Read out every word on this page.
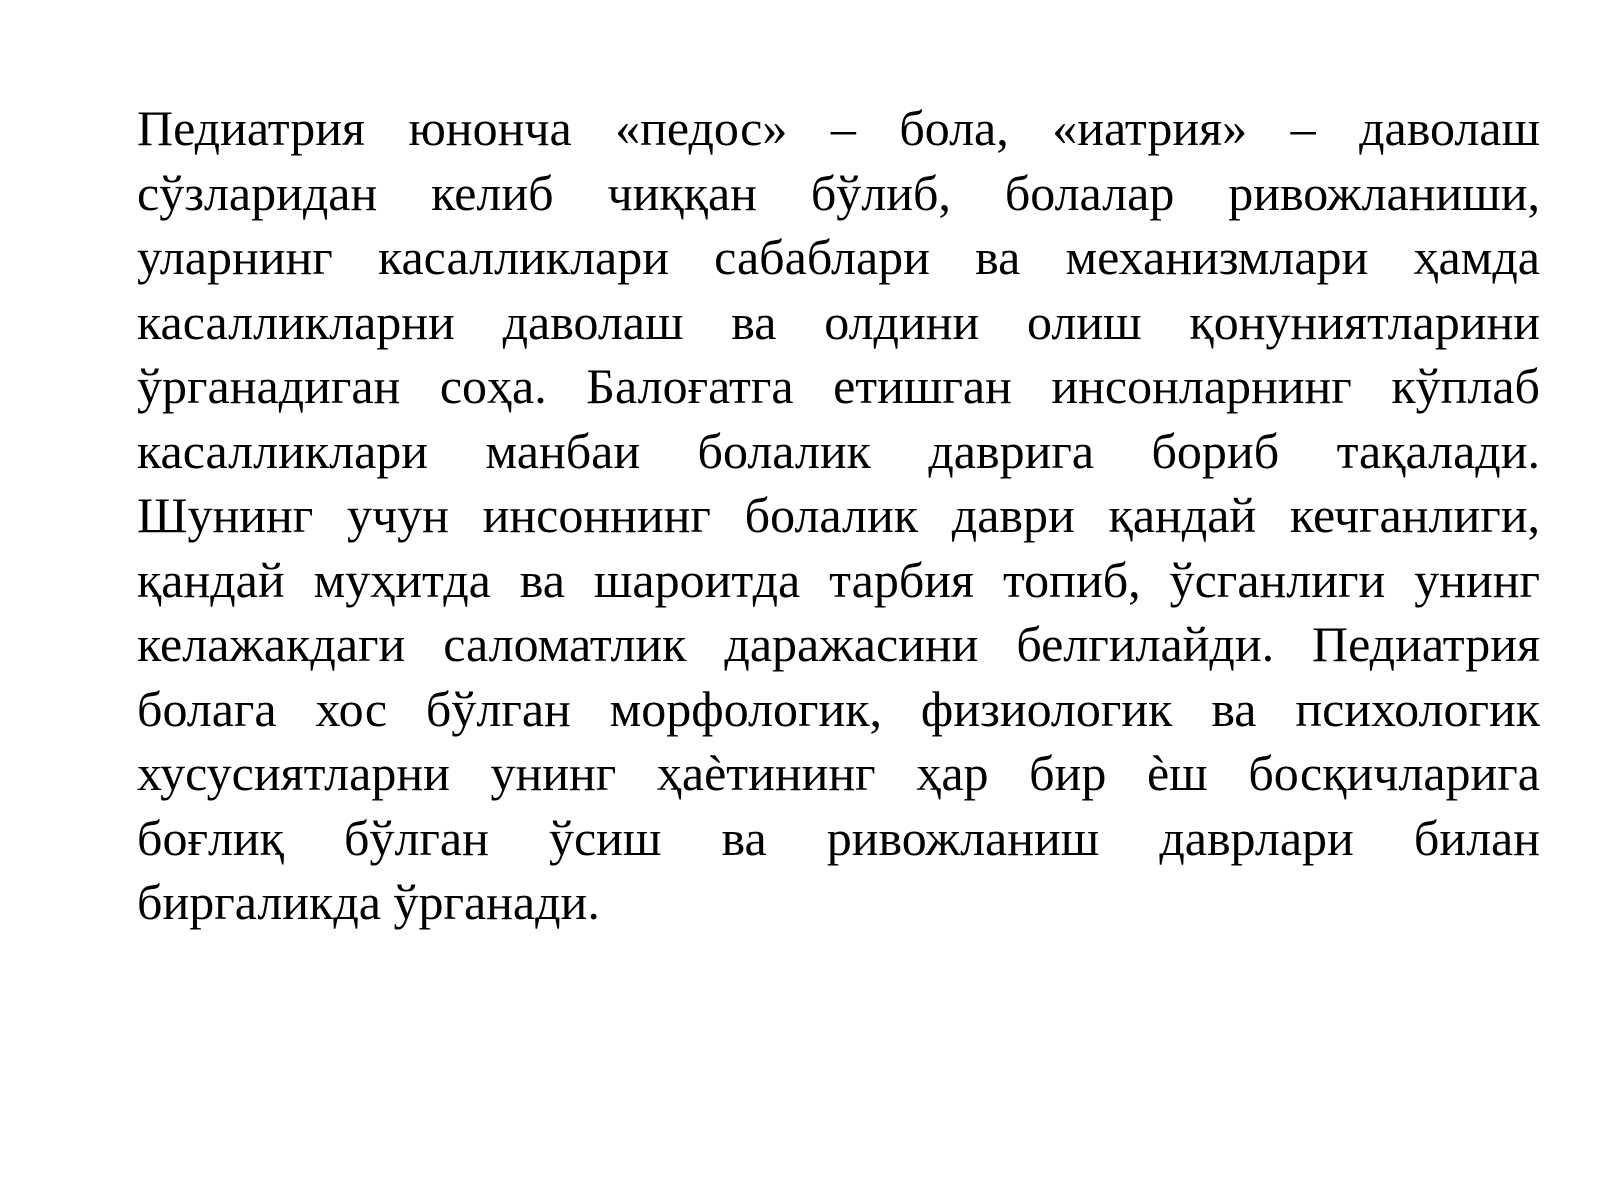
Педиатрия юнонча «педос» – бола, «иатрия» – даволаш
сўзларидан келиб чиққан бўлиб, болалар ривожланиши,
уларнинг касалликлари сабаблари ва механизмлари ҳамда
касалликларни даволаш ва олдини олиш қонуниятларини
ўрганадиган соҳа. Балоғатга етишган инсонларнинг кўплаб
касалликлари манбаи болалик даврига бориб тақалади.
Шунинг учун инсоннинг болалик даври қандай кечганлиги,
қандай муҳитда ва шароитда тарбия топиб, ўсганлиги унинг
келажакдаги саломатлик даражасини белгилайди. Педиатрия
болага хос бўлган морфологик, физиологик ва психологик
хусусиятларни унинг ҳаѐтининг ҳар бир ѐш босқичларига
боғлиқ бўлган ўсиш ва ривожланиш даврлари билан
биргаликда ўрганади.
